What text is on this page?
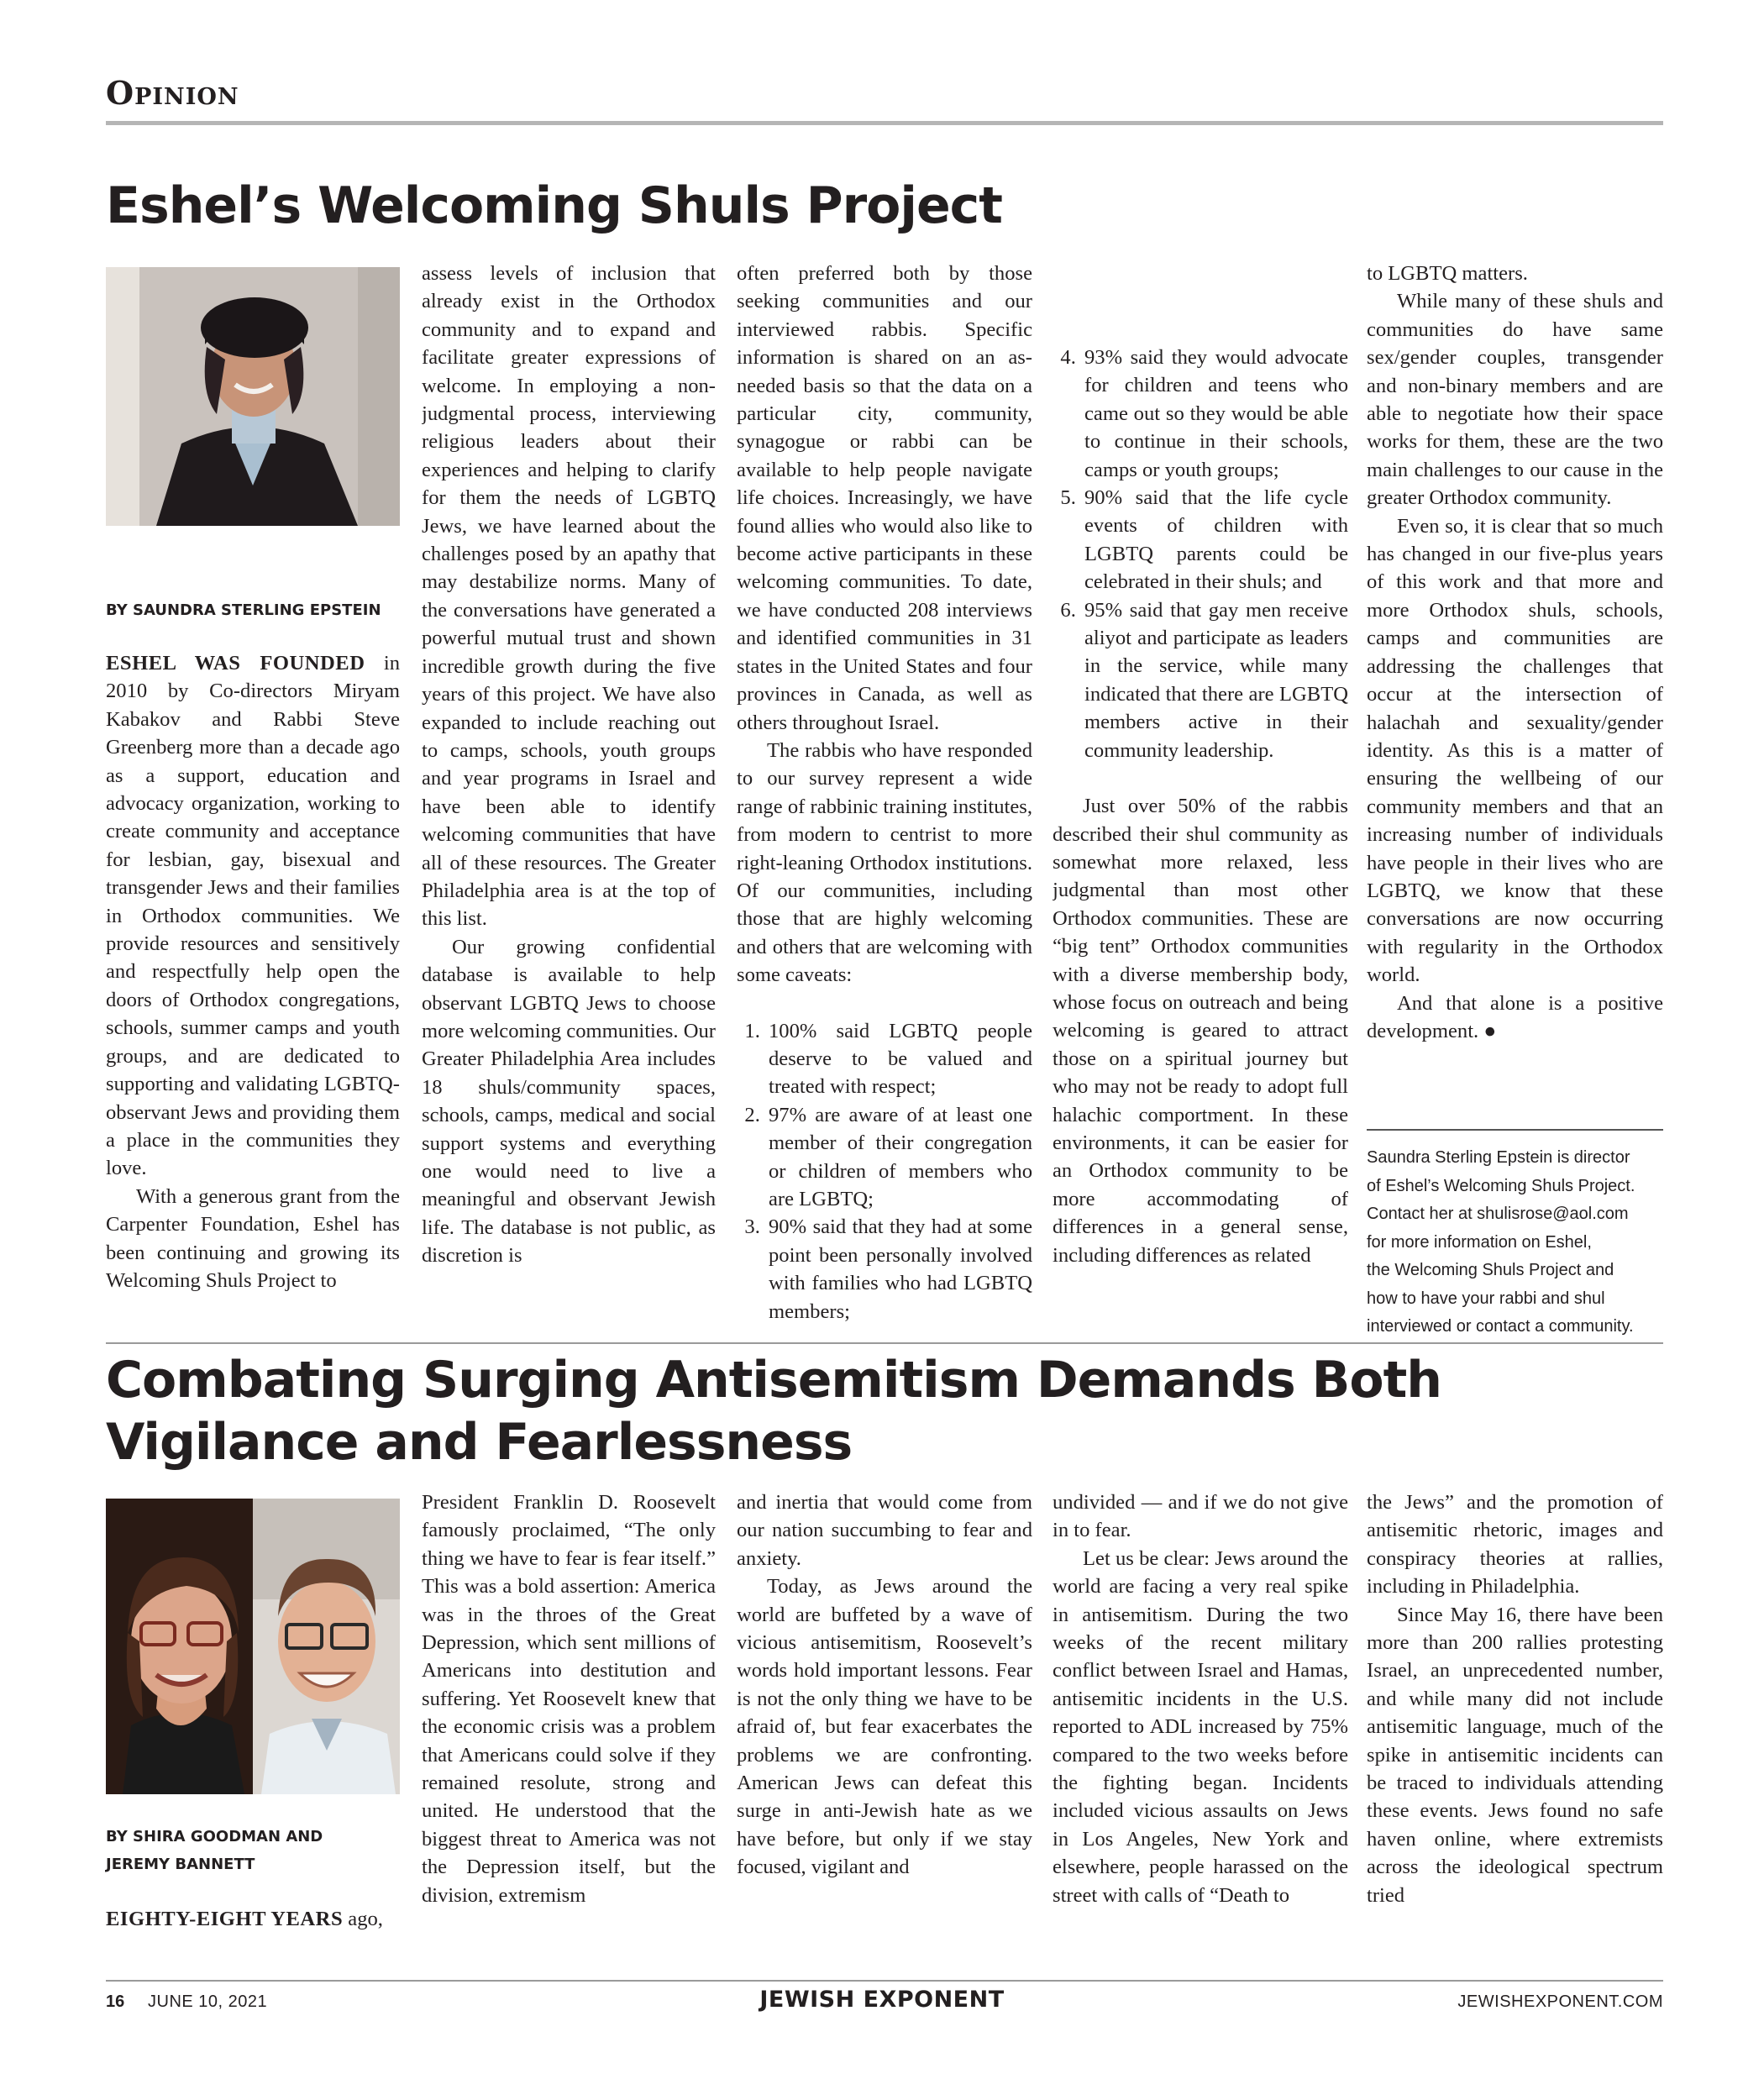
Opinion
Eshel’s Welcoming Shuls Project
BY SAUNDRA STERLING EPSTEIN

ESHEL WAS FOUNDED in 2010 by Co-directors Miryam Kabakov and Rabbi Steve Greenberg more than a decade ago as a support, education and advocacy organization, working to create community and acceptance for lesbian, gay, bisexual and transgender Jews and their families in Orthodox communities. We provide resources and sensitively and respectfully help open the doors of Orthodox congregations, schools, summer camps and youth groups, and are dedicated to supporting and validating LGBTQ-observant Jews and providing them a place in the communities they love.

With a generous grant from the Carpenter Foundation, Eshel has been continuing and growing its Welcoming Shuls Project to

assess levels of inclusion that already exist in the Orthodox community and to expand and facilitate greater expressions of welcome. In employing a non-judgmental process, interviewing religious leaders about their experiences and helping to clarify for them the needs of LGBTQ Jews, we have learned about the challenges posed by an apathy that may destabilize norms. Many of the conversations have generated a powerful mutual trust and shown incredible growth during the five years of this project. We have also expanded to include reaching out to camps, schools, youth groups and year programs in Israel and have been able to identify welcoming communities that have all of these resources. The Greater Philadelphia area is at the top of this list.

Our growing confidential database is available to help observant LGBTQ Jews to choose more welcoming communities. Our Greater Philadelphia Area includes 18 shuls/community spaces, schools, camps, medical and social support systems and everything one would need to live a meaningful and observant Jewish life. The database is not public, as discretion is

often preferred both by those seeking communities and our interviewed rabbis. Specific information is shared on an as-needed basis so that the data on a particular city, community, synagogue or rabbi can be available to help people navigate life choices. Increasingly, we have found allies who would also like to become active participants in these welcoming communities. To date, we have conducted 208 interviews and identified communities in 31 states in the United States and four provinces in Canada, as well as others throughout Israel.

The rabbis who have responded to our survey represent a wide range of rabbinic training institutes, from modern to centrist to more right-leaning Orthodox institutions. Of our communities, including those that are highly welcoming and others that are welcoming with some caveats:

1. 100% said LGBTQ people deserve to be valued and treated with respect;
2. 97% are aware of at least one member of their congregation or children of members who are LGBTQ;
3. 90% said that they had at some point been personally involved with families who had LGBTQ members;
4. 93% said they would advocate for children and teens who came out so they would be able to continue in their schools, camps or youth groups;
5. 90% said that the life cycle events of children with LGBTQ parents could be celebrated in their shuls; and
6. 95% said that gay men receive aliyot and participate as leaders in the service, while many indicated that there are LGBTQ members active in their community leadership.

Just over 50% of the rabbis described their shul community as somewhat more relaxed, less judgmental than most other Orthodox communities. These are “big tent” Orthodox communities with a diverse membership body, whose focus on outreach and being welcoming is geared to attract those on a spiritual journey but who may not be ready to adopt full halachic comportment. In these environments, it can be easier for an Orthodox community to be more accommodating of differences in a general sense, including differences as related

to LGBTQ matters.

While many of these shuls and communities do have same sex/gender couples, transgender and non-binary members and are able to negotiate how their space works for them, these are the two main challenges to our cause in the greater Orthodox community.

Even so, it is clear that so much has changed in our five-plus years of this work and that more and more Orthodox shuls, schools, camps and communities are addressing the challenges that occur at the intersection of halachah and sexuality/gender identity. As this is a matter of ensuring the wellbeing of our community members and that an increasing number of individuals have people in their lives who are LGBTQ, we know that these conversations are now occurring with regularity in the Orthodox world.

And that alone is a positive development. ●

Saundra Sterling Epstein is director
of Eshel’s Welcoming Shuls Project.
Contact her at shulisrose@aol.com
for more information on Eshel,
the Welcoming Shuls Project and
how to have your rabbi and shul
interviewed or contact a community.
Combating Surging Antisemitism Demands Both Vigilance and Fearlessness
BY SHIRA GOODMAN AND
JEREMY BANNETT

EIGHTY-EIGHT YEARS ago,

President Franklin D. Roosevelt famously proclaimed, “The only thing we have to fear is fear itself.” This was a bold assertion: America was in the throes of the Great Depression, which sent millions of Americans into destitution and suffering. Yet Roosevelt knew that the economic crisis was a problem that Americans could solve if they remained resolute, strong and united. He understood that the biggest threat to America was not the Depression itself, but the division, extremism

and inertia that would come from our nation succumbing to fear and anxiety.

Today, as Jews around the world are buffeted by a wave of vicious antisemitism, Roosevelt’s words hold important lessons. Fear is not the only thing we have to be afraid of, but fear exacerbates the problems we are confronting. American Jews can defeat this surge in anti-Jewish hate as we have before, but only if we stay focused, vigilant and

undivided — and if we do not give in to fear.

Let us be clear: Jews around the world are facing a very real spike in antisemitism. During the two weeks of the recent military conflict between Israel and Hamas, antisemitic incidents in the U.S. reported to ADL increased by 75% compared to the two weeks before the fighting began. Incidents included vicious assaults on Jews in Los Angeles, New York and elsewhere, people harassed on the street with calls of “Death to

the Jews” and the promotion of antisemitic rhetoric, images and conspiracy theories at rallies, including in Philadelphia.

Since May 16, there have been more than 200 rallies protesting Israel, an unprecedented number, and while many did not include antisemitic language, much of the spike in antisemitic incidents can be traced to individuals attending these events. Jews found no safe haven online, where extremists across the ideological spectrum tried

16 JUNE 10, 2021	JEWISH EXPONENT	JEWISHEXPONENT.COM
